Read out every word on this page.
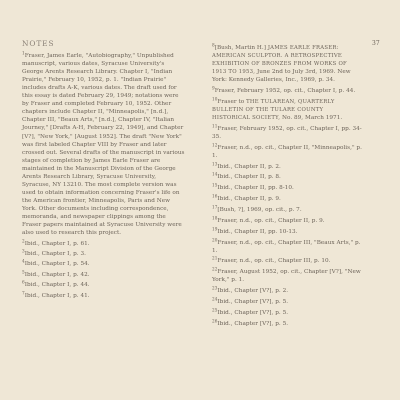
NOTES

$^1$Fraser, James Earle, "Autobiography," Unpublished manuscript, various dates, Syracuse University's George Arents Research Library. Chapter I, "Indian Prairie," February 10, 1952, p. 1. "Indian Prairie" includes drafts A-K, various dates. The draft used for this essay is dated February 29, 1949; notations were by Fraser and completed February 10, 1952. Other chapters include Chapter II, "Minneapolis," [n.d.], Chapter III, "Beaux Arts," [n.d.], Chapter IV, "Italian Journey," [Drafts A-H, February 22, 1949], and Chapter [V?], "New York," [August 1952]. The draft "New York" was first labeled Chapter VIII by Fraser and later crossed out. Several drafts of the manuscript in various stages of completion by James Earle Fraser are maintained in the Manuscript Division of the George Arents Research Library, Syracuse University, Syracuse, NY 13210. The most complete version was used to obtain information concerning Fraser's life on the American frontier, Minneapolis, Paris and New York. Other documents including correspondence, memoranda, and newspaper clippings among the Fraser papers maintained at Syracuse University were also used to research this project.

$^2$Ibid., Chapter I, p. 61.

$^3$Ibid., Chapter I, p. 3.

$^4$Ibid., Chapter I, p. 54.

$^5$Ibid., Chapter I, p. 42.

$^6$Ibid., Chapter I, p. 44.

$^7$Ibid., Chapter I, p. 41.

$^8$[Bush, Martin H.] JAMES EARLE FRASER: AMERICAN SCULPTOR. A RETROSPECTIVE EXHIBITION OF BRONZES FROM WORKS OF 1913 TO 1953, June 2nd to July 3rd, 1969. New York: Kennedy Galleries, Inc., 1969, p. 34.

$^9$Fraser, February 1952, op. cit., Chapter I, p. 44.

$^{10}$Fraser to THE TULAREAN, QUARTERLY BULLETIN OF THE TULARE COUNTY HISTORICAL SOCIETY, No. 89, March 1971.

$^{11}$Fraser, February 1952, op. cit., Chapter I, pp. 34-35.

$^{12}$Fraser, n.d., op. cit., Chapter II, "Minneapolis," p. 1.

$^{13}$Ibid., Chapter II, p. 2.

$^{14}$Ibid., Chapter II, p. 8.

$^{15}$Ibid., Chapter II, pp. 8-10.

$^{16}$Ibid., Chapter II, p. 9.

$^{17}$[Bush, ?], 1969, op. cit., p. 7.

$^{18}$Fraser, n.d., op. cit., Chapter II, p. 9.

$^{19}$Ibid., Chapter II, pp. 10-13.

$^{20}$Fraser, n.d., op. cit., Chapter III, "Beaux Arts," p. 1.

$^{21}$Fraser, n.d., op. cit., Chapter III, p. 10.

$^{22}$Fraser, August 1952, op. cit., Chapter [V?], "New York," p. 1.

$^{23}$Ibid., Chapter [V?], p. 2.

$^{24}$Ibid., Chapter [V?], p. 5.

$^{25}$Ibid., Chapter [V?], p. 5.

$^{26}$Ibid., Chapter [V?], p. 5.

37
